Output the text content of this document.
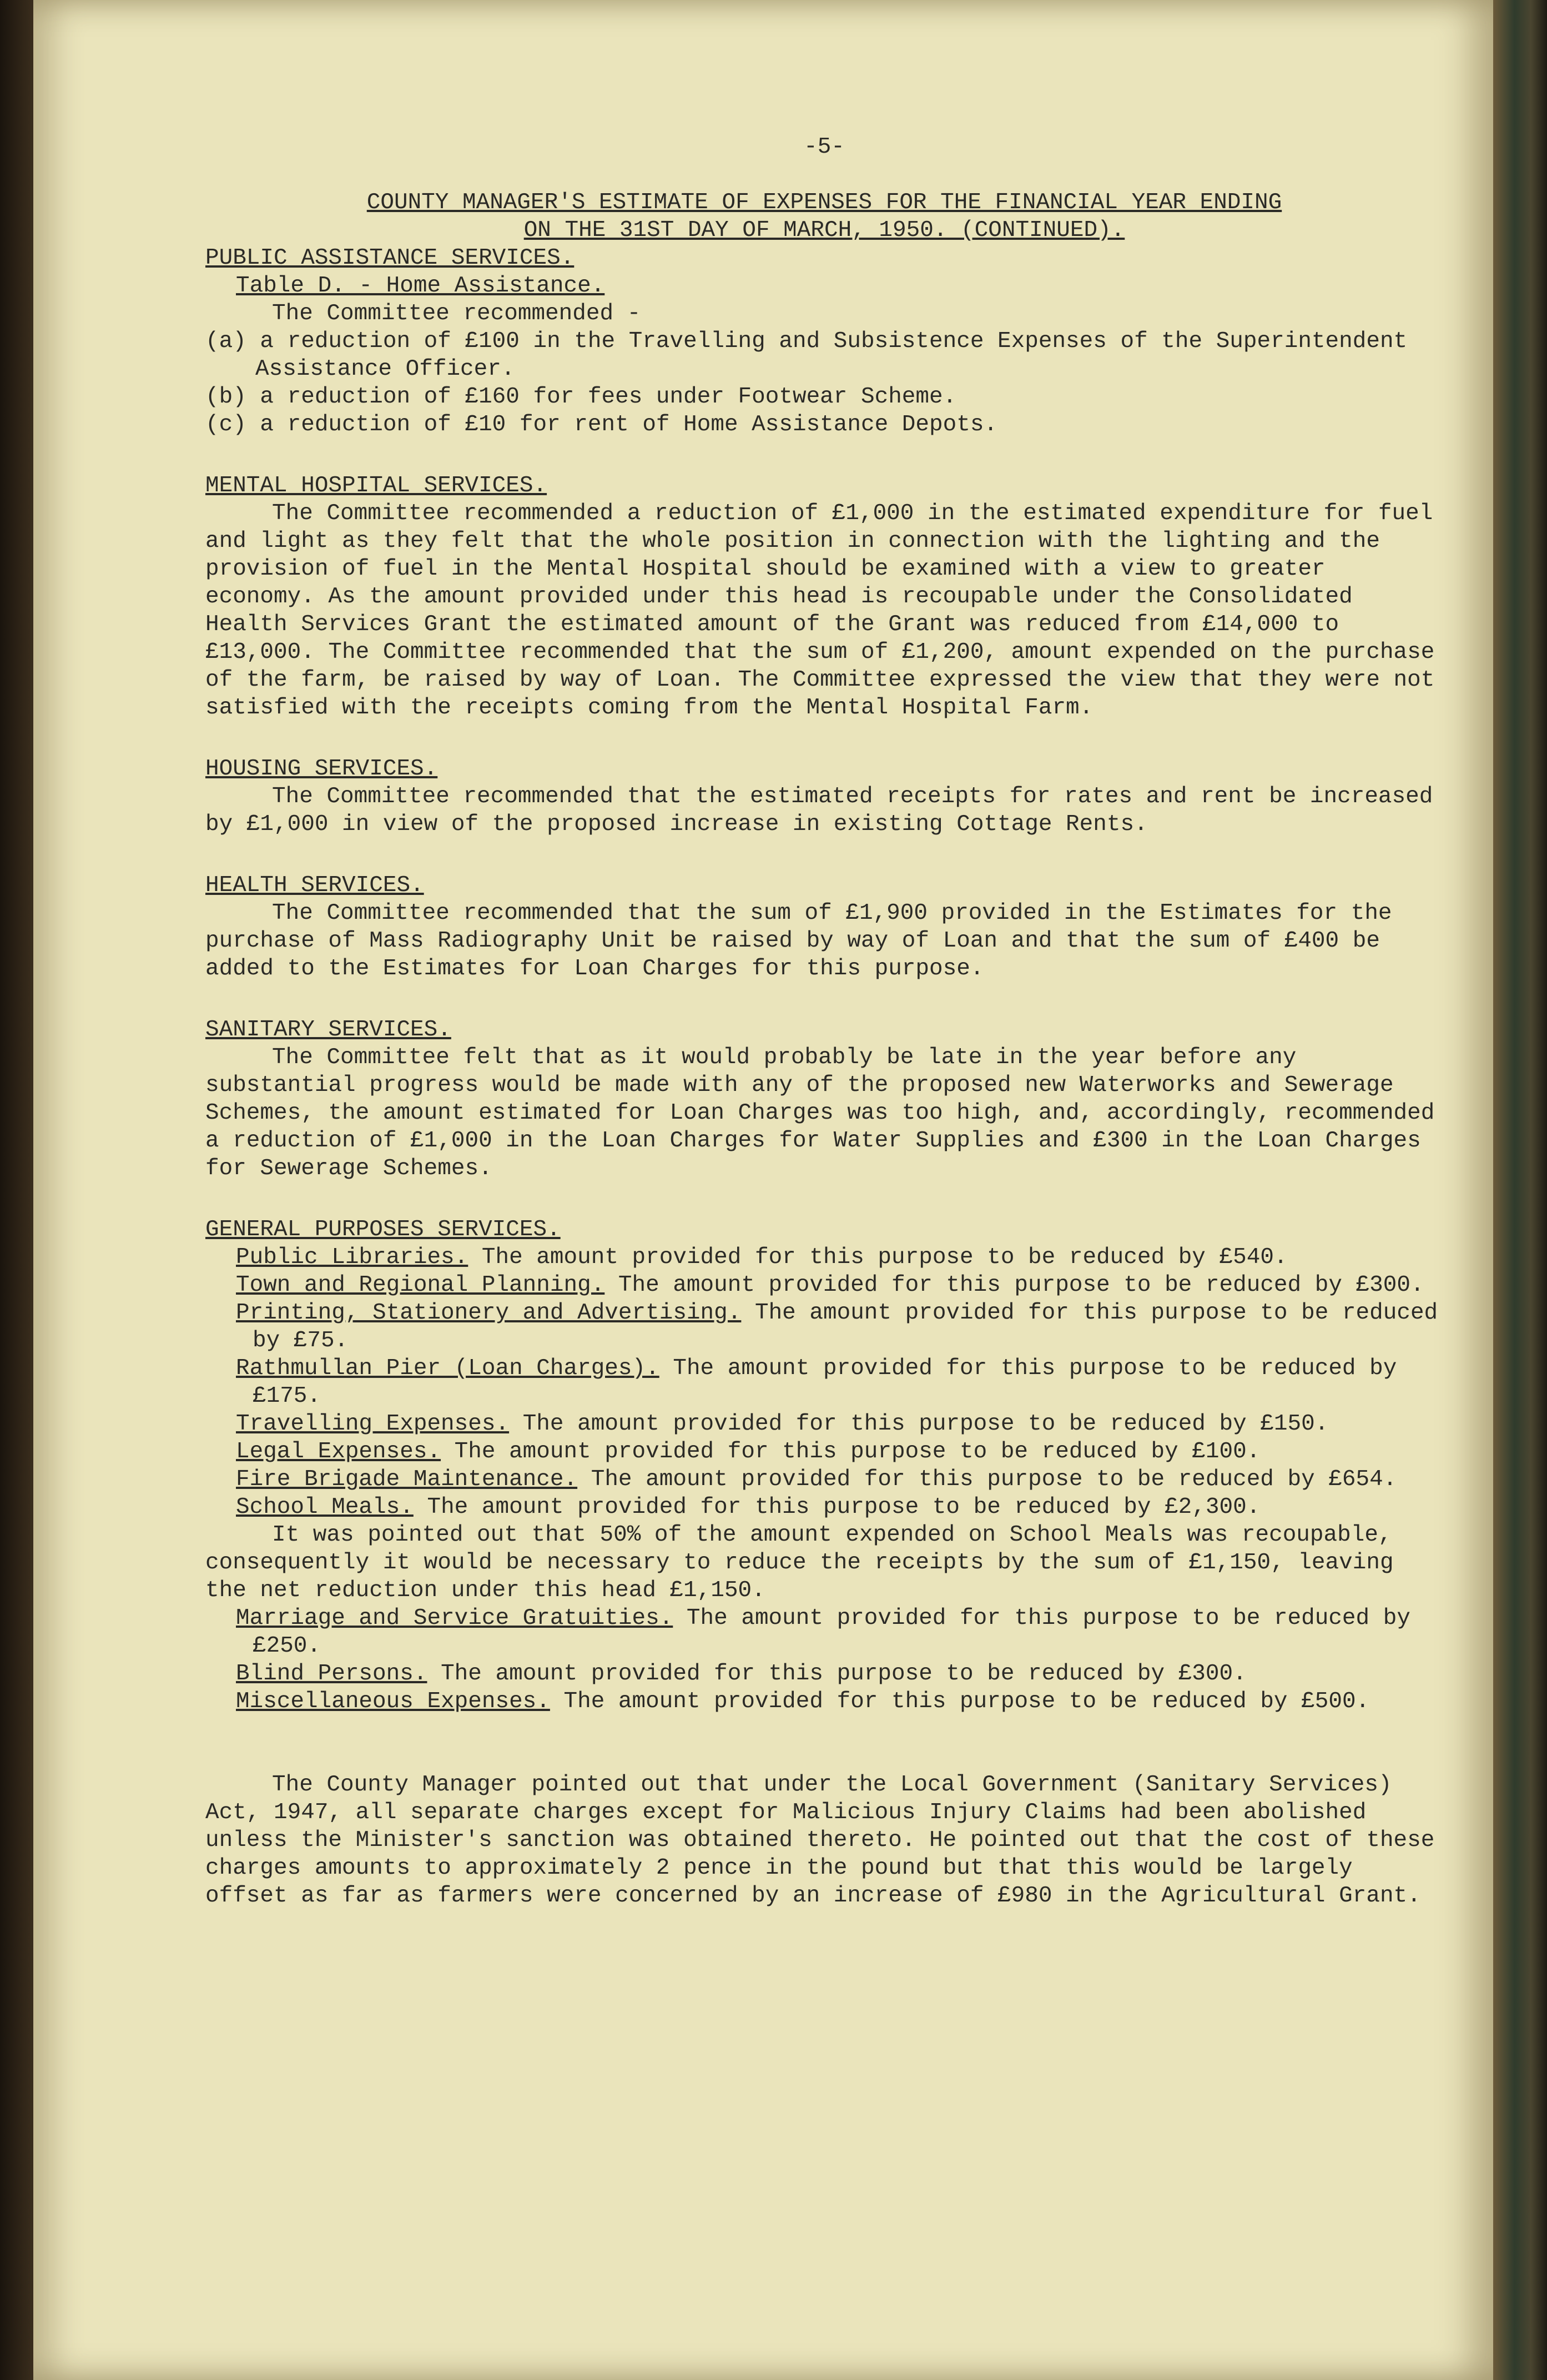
-5-

COUNTY MANAGER'S ESTIMATE OF EXPENSES FOR THE FINANCIAL YEAR ENDING

ON THE 31ST DAY OF MARCH, 1950. (CONTINUED).

PUBLIC ASSISTANCE SERVICES.

Table D. - Home Assistance.

The Committee recommended -

(a) a reduction of £100 in the Travelling and Subsistence Expenses of the Superintendent Assistance Officer.

(b) a reduction of £160 for fees under Footwear Scheme.

(c) a reduction of £10 for rent of Home Assistance Depots.

MENTAL HOSPITAL SERVICES.

The Committee recommended a reduction of £1,000 in the estimated expenditure for fuel and light as they felt that the whole position in connection with the lighting and the provision of fuel in the Mental Hospital should be examined with a view to greater economy. As the amount provided under this head is recoupable under the Consolidated Health Services Grant the estimated amount of the Grant was reduced from £14,000 to £13,000. The Committee recommended that the sum of £1,200, amount expended on the purchase of the farm, be raised by way of Loan. The Committee expressed the view that they were not satisfied with the receipts coming from the Mental Hospital Farm.

HOUSING SERVICES.

The Committee recommended that the estimated receipts for rates and rent be increased by £1,000 in view of the proposed increase in existing Cottage Rents.

HEALTH SERVICES.

The Committee recommended that the sum of £1,900 provided in the Estimates for the purchase of Mass Radiography Unit be raised by way of Loan and that the sum of £400 be added to the Estimates for Loan Charges for this purpose.

SANITARY SERVICES.

The Committee felt that as it would probably be late in the year before any substantial progress would be made with any of the proposed new Waterworks and Sewerage Schemes, the amount estimated for Loan Charges was too high, and, accordingly, recommended a reduction of £1,000 in the Loan Charges for Water Supplies and £300 in the Loan Charges for Sewerage Schemes.

GENERAL PURPOSES SERVICES.

Public Libraries. The amount provided for this purpose to be reduced by £540.

Town and Regional Planning. The amount provided for this purpose to be reduced by £300.

Printing, Stationery and Advertising. The amount provided for this purpose to be reduced by £75.

Rathmullan Pier (Loan Charges). The amount provided for this purpose to be reduced by £175.

Travelling Expenses. The amount provided for this purpose to be reduced by £150.

Legal Expenses. The amount provided for this purpose to be reduced by £100.

Fire Brigade Maintenance. The amount provided for this purpose to be reduced by £654.

School Meals. The amount provided for this purpose to be reduced by £2,300.

It was pointed out that 50% of the amount expended on School Meals was recoupable, consequently it would be necessary to reduce the receipts by the sum of £1,150, leaving the net reduction under this head £1,150.

Marriage and Service Gratuities. The amount provided for this purpose to be reduced by £250.

Blind Persons. The amount provided for this purpose to be reduced by £300.

Miscellaneous Expenses. The amount provided for this purpose to be reduced by £500.

The County Manager pointed out that under the Local Government (Sanitary Services) Act, 1947, all separate charges except for Malicious Injury Claims had been abolished unless the Minister's sanction was obtained thereto. He pointed out that the cost of these charges amounts to approximately 2 pence in the pound but that this would be largely offset as far as farmers were concerned by an increase of £980 in the Agricultural Grant.
